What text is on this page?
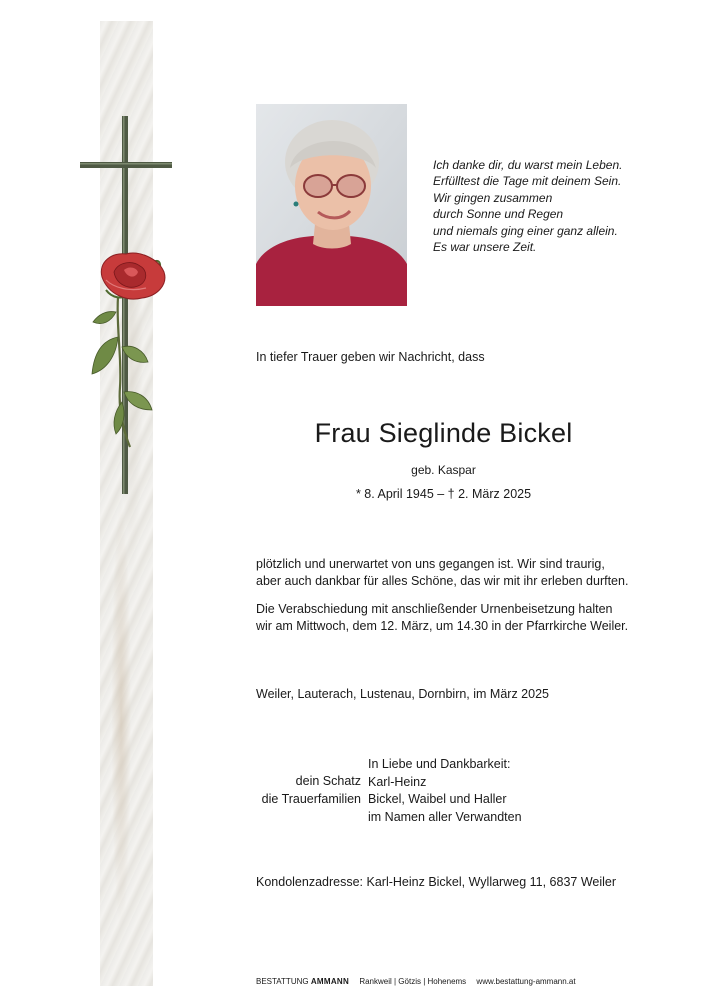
Ich danke dir, du warst mein Leben.
Erfülltest die Tage mit deinem Sein.
Wir gingen zusammen
durch Sonne und Regen
und niemals ging einer ganz allein.
Es war unsere Zeit.
In tiefer Trauer geben wir Nachricht, dass
Frau Sieglinde Bickel
geb. Kaspar
* 8. April 1945 – † 2. März 2025
plötzlich und unerwartet von uns gegangen ist. Wir sind traurig,
aber auch dankbar für alles Schöne, das wir mit ihr erleben durften.
Die Verabschiedung mit anschließender Urnenbeisetzung halten
wir am Mittwoch, dem 12. März, um 14.30 in der Pfarrkirche Weiler.
Weiler, Lauterach, Lustenau, Dornbirn, im März 2025
dein Schatz
die Trauerfamilien
In Liebe und Dankbarkeit:
Karl-Heinz
Bickel, Waibel und Haller
im Namen aller Verwandten
Kondolenzadresse: Karl-Heinz Bickel, Wyllarweg 11, 6837 Weiler
BESTATTUNG AMMANN Rankweil | Götzis | Hohenems www.bestattung-ammann.at
